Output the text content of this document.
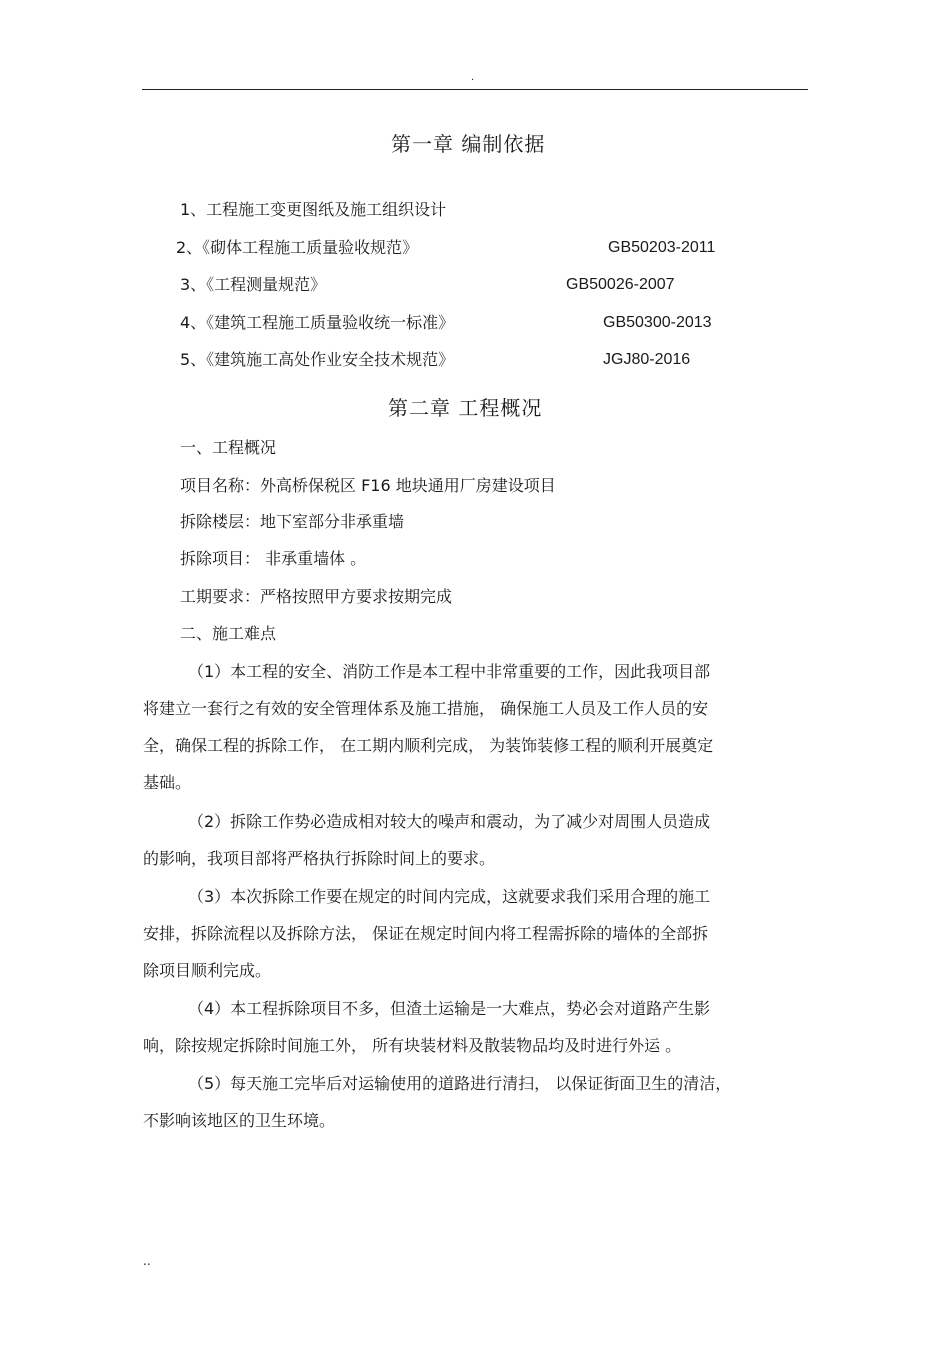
.
第一章 编制依据
1、工程施工变更图纸及施工组织设计
2、《砌体工程施工质量验收规范》	GB50203-2011
3、《工程测量规范》	GB50026-2007
4、《建筑工程施工质量验收统一标准》	GB50300-2013
5、《建筑施工高处作业安全技术规范》	JGJ80-2016
第二章 工程概况
一、工程概况
项目名称：外高桥保税区 F16 地块通用厂房建设项目
拆除楼层：地下室部分非承重墙
拆除项目： 非承重墙体 。
工期要求：严格按照甲方要求按期完成
二、施工难点
（1）本工程的安全、消防工作是本工程中非常重要的工作，因此我项目部
将建立一套行之有效的安全管理体系及施工措施， 确保施工人员及工作人员的安
全，确保工程的拆除工作， 在工期内顺利完成， 为装饰装修工程的顺利开展奠定
基础。
（2）拆除工作势必造成相对较大的噪声和震动，为了减少对周围人员造成
的影响，我项目部将严格执行拆除时间上的要求。
（3）本次拆除工作要在规定的时间内完成，这就要求我们采用合理的施工
安排，拆除流程以及拆除方法， 保证在规定时间内将工程需拆除的墙体的全部拆
除项目顺利完成。
（4）本工程拆除项目不多，但渣土运输是一大难点，势必会对道路产生影
响，除按规定拆除时间施工外， 所有块装材料及散装物品均及时进行外运 。
（5）每天施工完毕后对运输使用的道路进行清扫， 以保证街面卫生的清洁，
不影响该地区的卫生环境。
..
